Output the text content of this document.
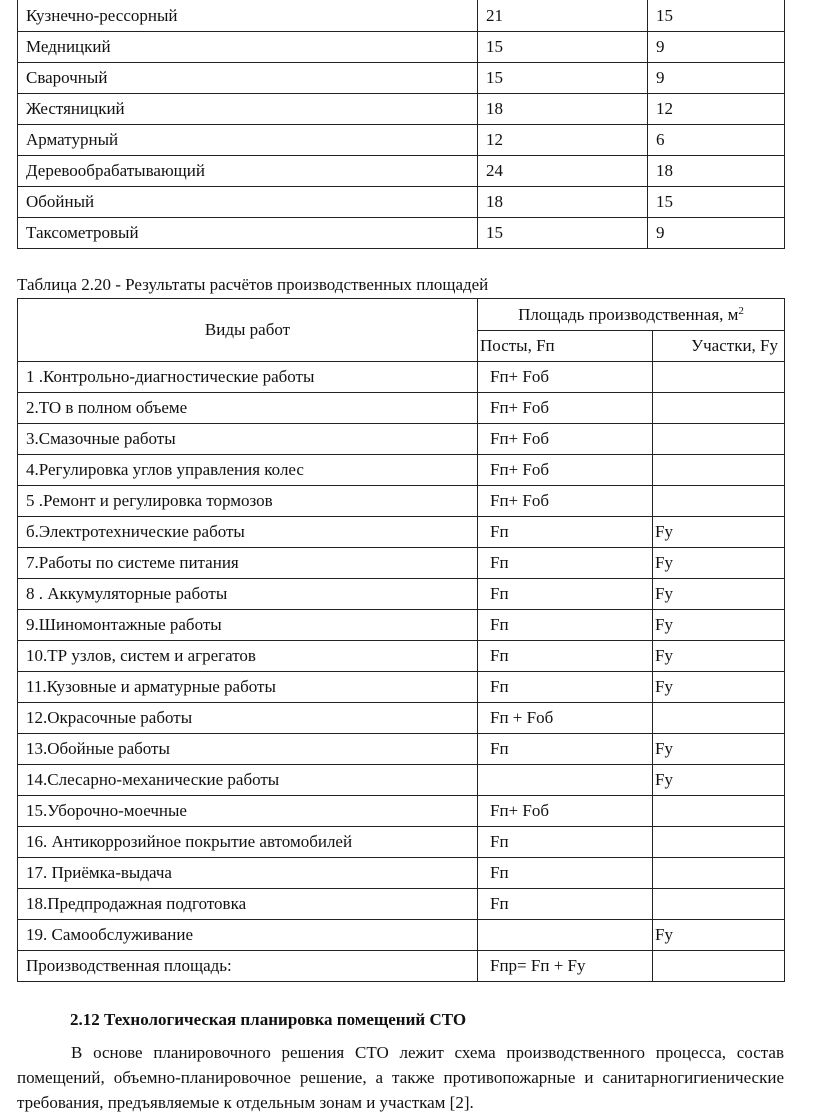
Кузнечно-рессорный	21	15
Медницкий	15	9
Сварочный	15	9
Жестяницкий	18	12
Арматурный	12	6
Деревообрабатывающий	24	18
Обойный	18	15
Таксометровый	15	9
Таблица 2.20 - Результаты расчётов производственных площадей
Виды работ	Площадь производственная, $м^2$
	Посты, Fп	Участки, Fу
1 .Контрольно-диагностические работы	Fп+ Fоб	
2.ТО в полном объеме	Fп+ Fоб	
3.Смазочные работы	Fп+ Fоб	
4.Регулировка углов управления колес	Fп+ Fоб	
5 .Ремонт и регулировка тормозов	Fп+ Fоб	
б.Электротехнические работы	Fп	Fy
7.Работы по системе питания	Fп	Fy
8 . Аккумуляторные работы	Fп	Fy
9.Шиномонтажные работы	Fп	Fy
10.ТР узлов, систем и агрегатов	Fп	Fy
11.Кузовные и арматурные работы	Fп	Fy
12.Окрасочные работы	Fп + Fоб	
13.Обойные работы	Fп	Fy
14.Слесарно-механические работы		Fy
15.Уборочно-моечные	Fп+ Fоб	
16. Антикоррозийное покрытие автомобилей	Fп	
17. Приёмка-выдача	Fп	
18.Предпродажная подготовка	Fп	
19. Самообслуживание		Fy
Производственная площадь:	Fпр= Fп + Fy	
2.12 Технологическая планировка помещений СТО

В основе планировочного решения СТО лежит схема производственного процесса, состав помещений, объемно-планировочное решение, а также противопожарные и санитарногигиенические требования, предъявляемые к отдельным зонам и участкам [2].
